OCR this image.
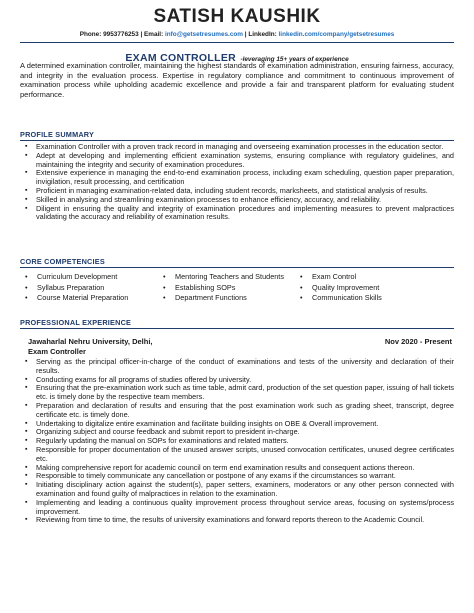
SATISH KAUSHIK
Phone: 9953776253 | Email: info@getsetresumes.com | LinkedIn: linkedin.com/company/getsetresumes
EXAM CONTROLLER -leveraging 15+ years of experience
A determined examination controller, maintaining the highest standards of examination administration, ensuring fairness, accuracy, and integrity in the evaluation process. Expertise in regulatory compliance and commitment to continuous improvement of examination process while upholding academic excellence and provide a fair and transparent platform for evaluating student performance.
PROFILE SUMMARY
▪ Examination Controller with a proven track record in managing and overseeing examination processes in the education sector.
▪ Adept at developing and implementing efficient examination systems, ensuring compliance with regulatory guidelines, and maintaining the integrity and security of examination procedures.
▪ Extensive experience in managing the end-to-end examination process, including exam scheduling, question paper preparation, invigilation, result processing, and certification
▪ Proficient in managing examination-related data, including student records, marksheets, and statistical analysis of results.
▪ Skilled in analysing and streamlining examination processes to enhance efficiency, accuracy, and reliability.
▪ Diligent in ensuring the quality and integrity of examination procedures and implementing measures to prevent malpractices validating the accuracy and reliability of examination results.
CORE COMPETENCIES
• Curriculum Development
• Syllabus Preparation
• Course Material Preparation
• Mentoring Teachers and Students
• Establishing SOPs
• Department Functions
• Exam Control
• Quality Improvement
• Communication Skills
PROFESSIONAL EXPERIENCE
Jawaharlal Nehru University, Delhi,	Nov 2020 - Present
Exam Controller
▪ Serving as the principal officer-in-charge of the conduct of examinations and tests of the university and declaration of their results.
▪ Conducting exams for all programs of studies offered by university.
▪ Ensuring that the pre-examination work such as time table, admit card, production of the set question paper, issuing of hall tickets etc. is timely done by the respective team members.
▪ Preparation and declaration of results and ensuring that the post examination work such as grading sheet, transcript, degree certificate etc. is timely done.
▪ Undertaking to digitalize entire examination and facilitate building insights on OBE & Overall improvement.
▪ Organizing subject and course feedback and submit report to president in-charge.
▪ Regularly updating the manual on SOPs for examinations and related matters.
▪ Responsible for proper documentation of the unused answer scripts, unused convocation certificates, unused degree certificates etc.
▪ Making comprehensive report for academic council on term end examination results and consequent actions thereon.
▪ Responsible to timely communicate any cancellation or postpone of any exams if the circumstances so warrant.
▪ Initiating disciplinary action against the student(s), paper setters, examiners, moderators or any other person connected with examination and found guilty of malpractices in relation to the examination.
▪ Implementing and leading a continuous quality improvement process throughout service areas, focusing on systems/process improvement.
▪ Reviewing from time to time, the results of university examinations and forward reports thereon to the Academic Council.
